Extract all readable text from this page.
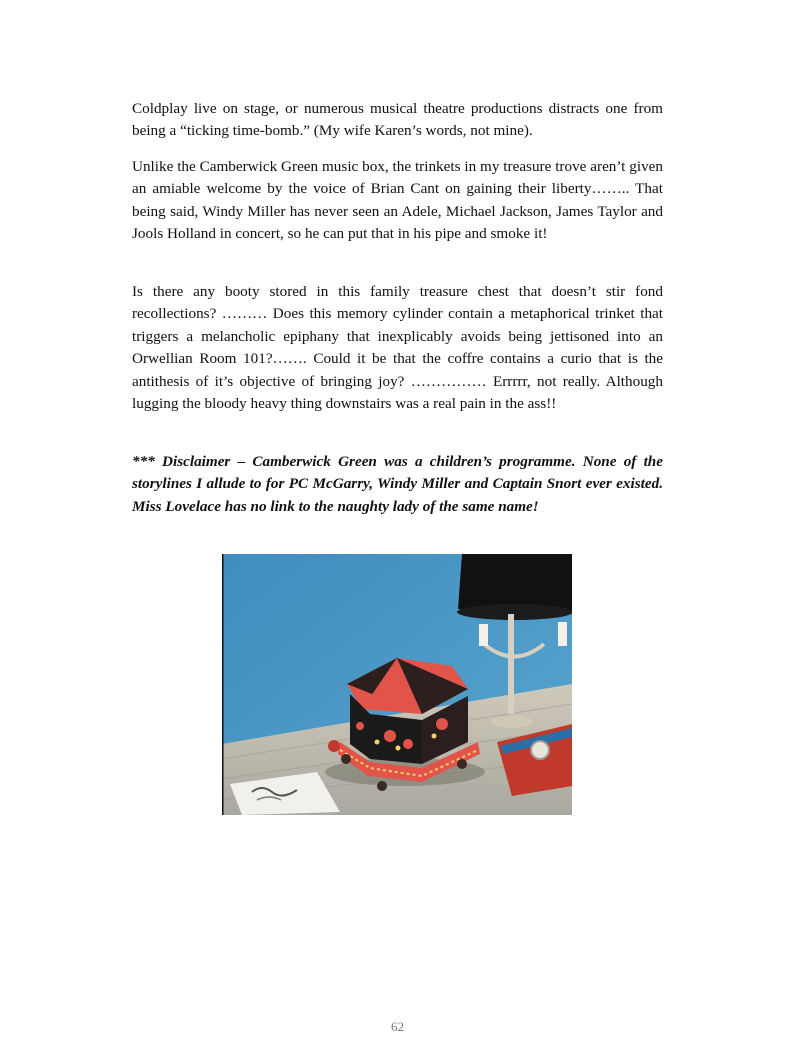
Coldplay live on stage, or numerous musical theatre productions distracts one from being a “ticking time-bomb.” (My wife Karen’s words, not mine).

Unlike the Camberwick Green music box, the trinkets in my treasure trove aren’t given an amiable welcome by the voice of Brian Cant on gaining their liberty…….. That being said, Windy Miller has never seen an Adele, Michael Jackson, James Taylor and Jools Holland in concert, so he can put that in his pipe and smoke it!

Is there any booty stored in this family treasure chest that doesn’t stir fond recollections? ……… Does this memory cylinder contain a metaphorical trinket that triggers a melancholic epiphany that inexplicably avoids being jettisoned into an Orwellian Room 101?……. Could it be that the coffre contains a curio that is the antithesis of it’s objective of bringing joy? …………… Errrrr, not really. Although lugging the bloody heavy thing downstairs was a real pain in the ass!!

*** Disclaimer – Camberwick Green was a children’s programme. None of the storylines I allude to for PC McGarry, Windy Miller and Captain Snort ever existed. Miss Lovelace has no link to the naughty lady of the same name!

62
